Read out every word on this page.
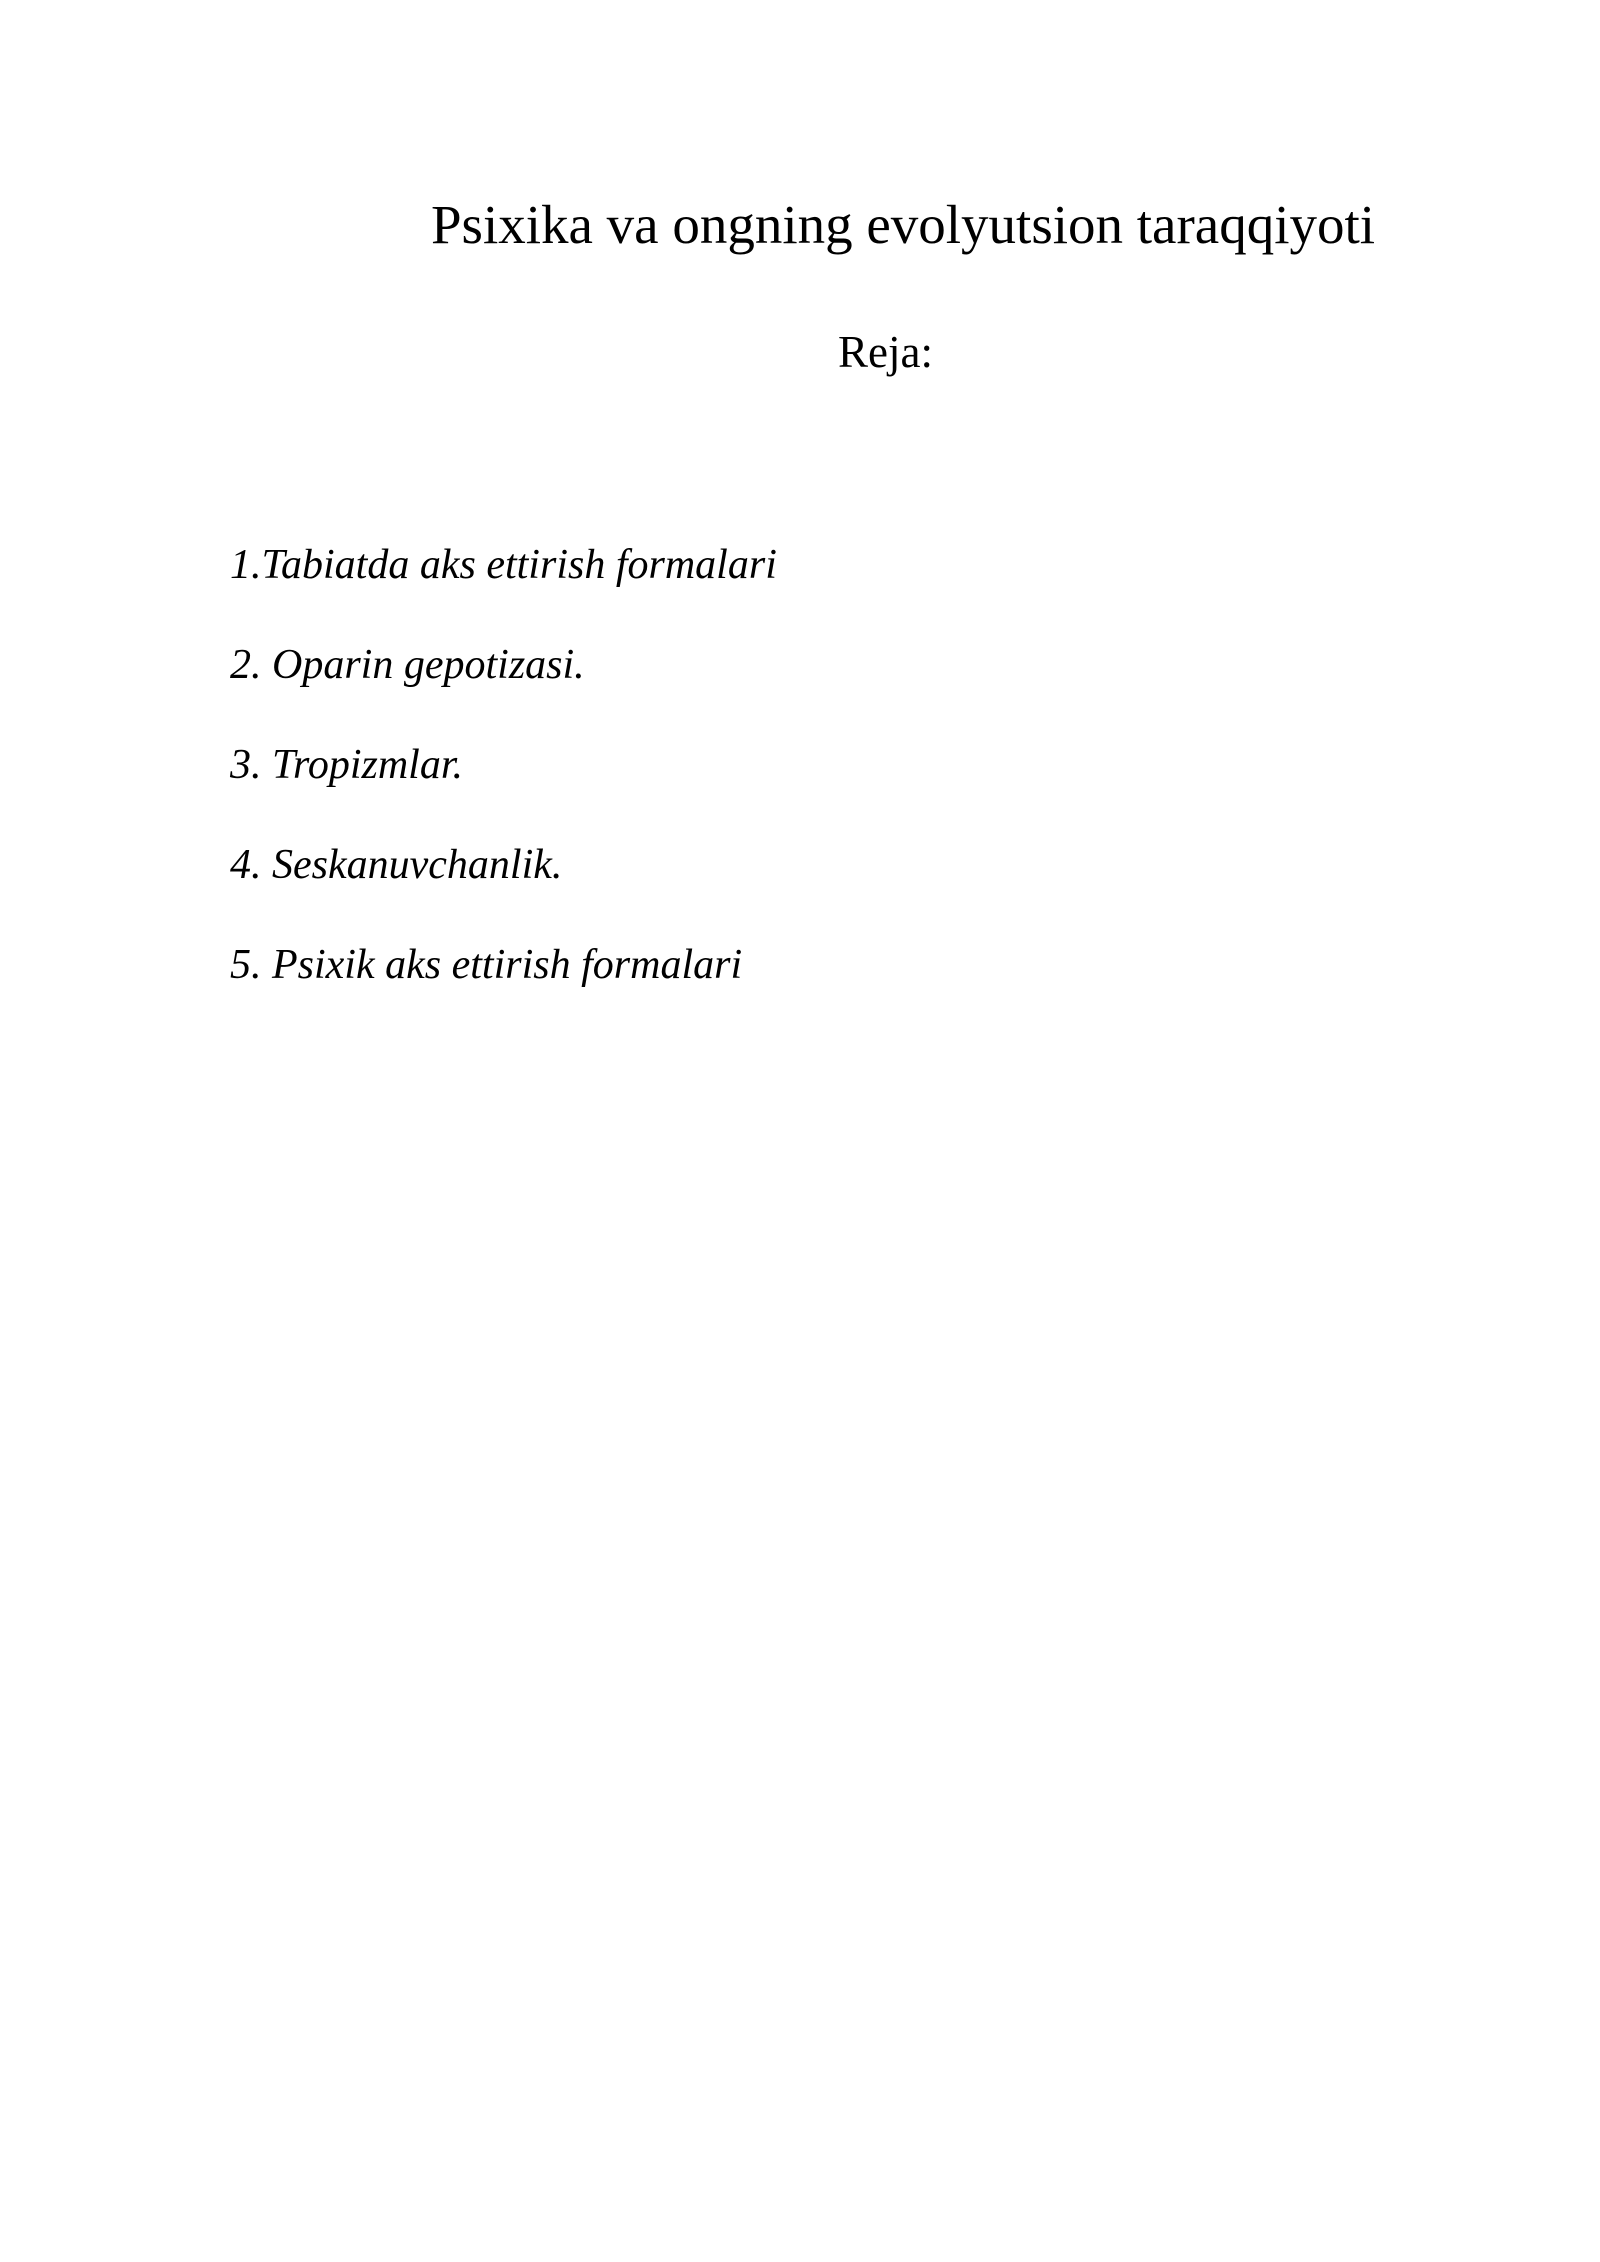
Psixika va ongning evolyutsion taraqqiyoti
Reja:
1.Tabiatda aks ettirish formalari
2. Oparin gepotizasi.
3. Tropizmlar.
4. Seskanuvchanlik.
5. Psixik aks ettirish formalari
